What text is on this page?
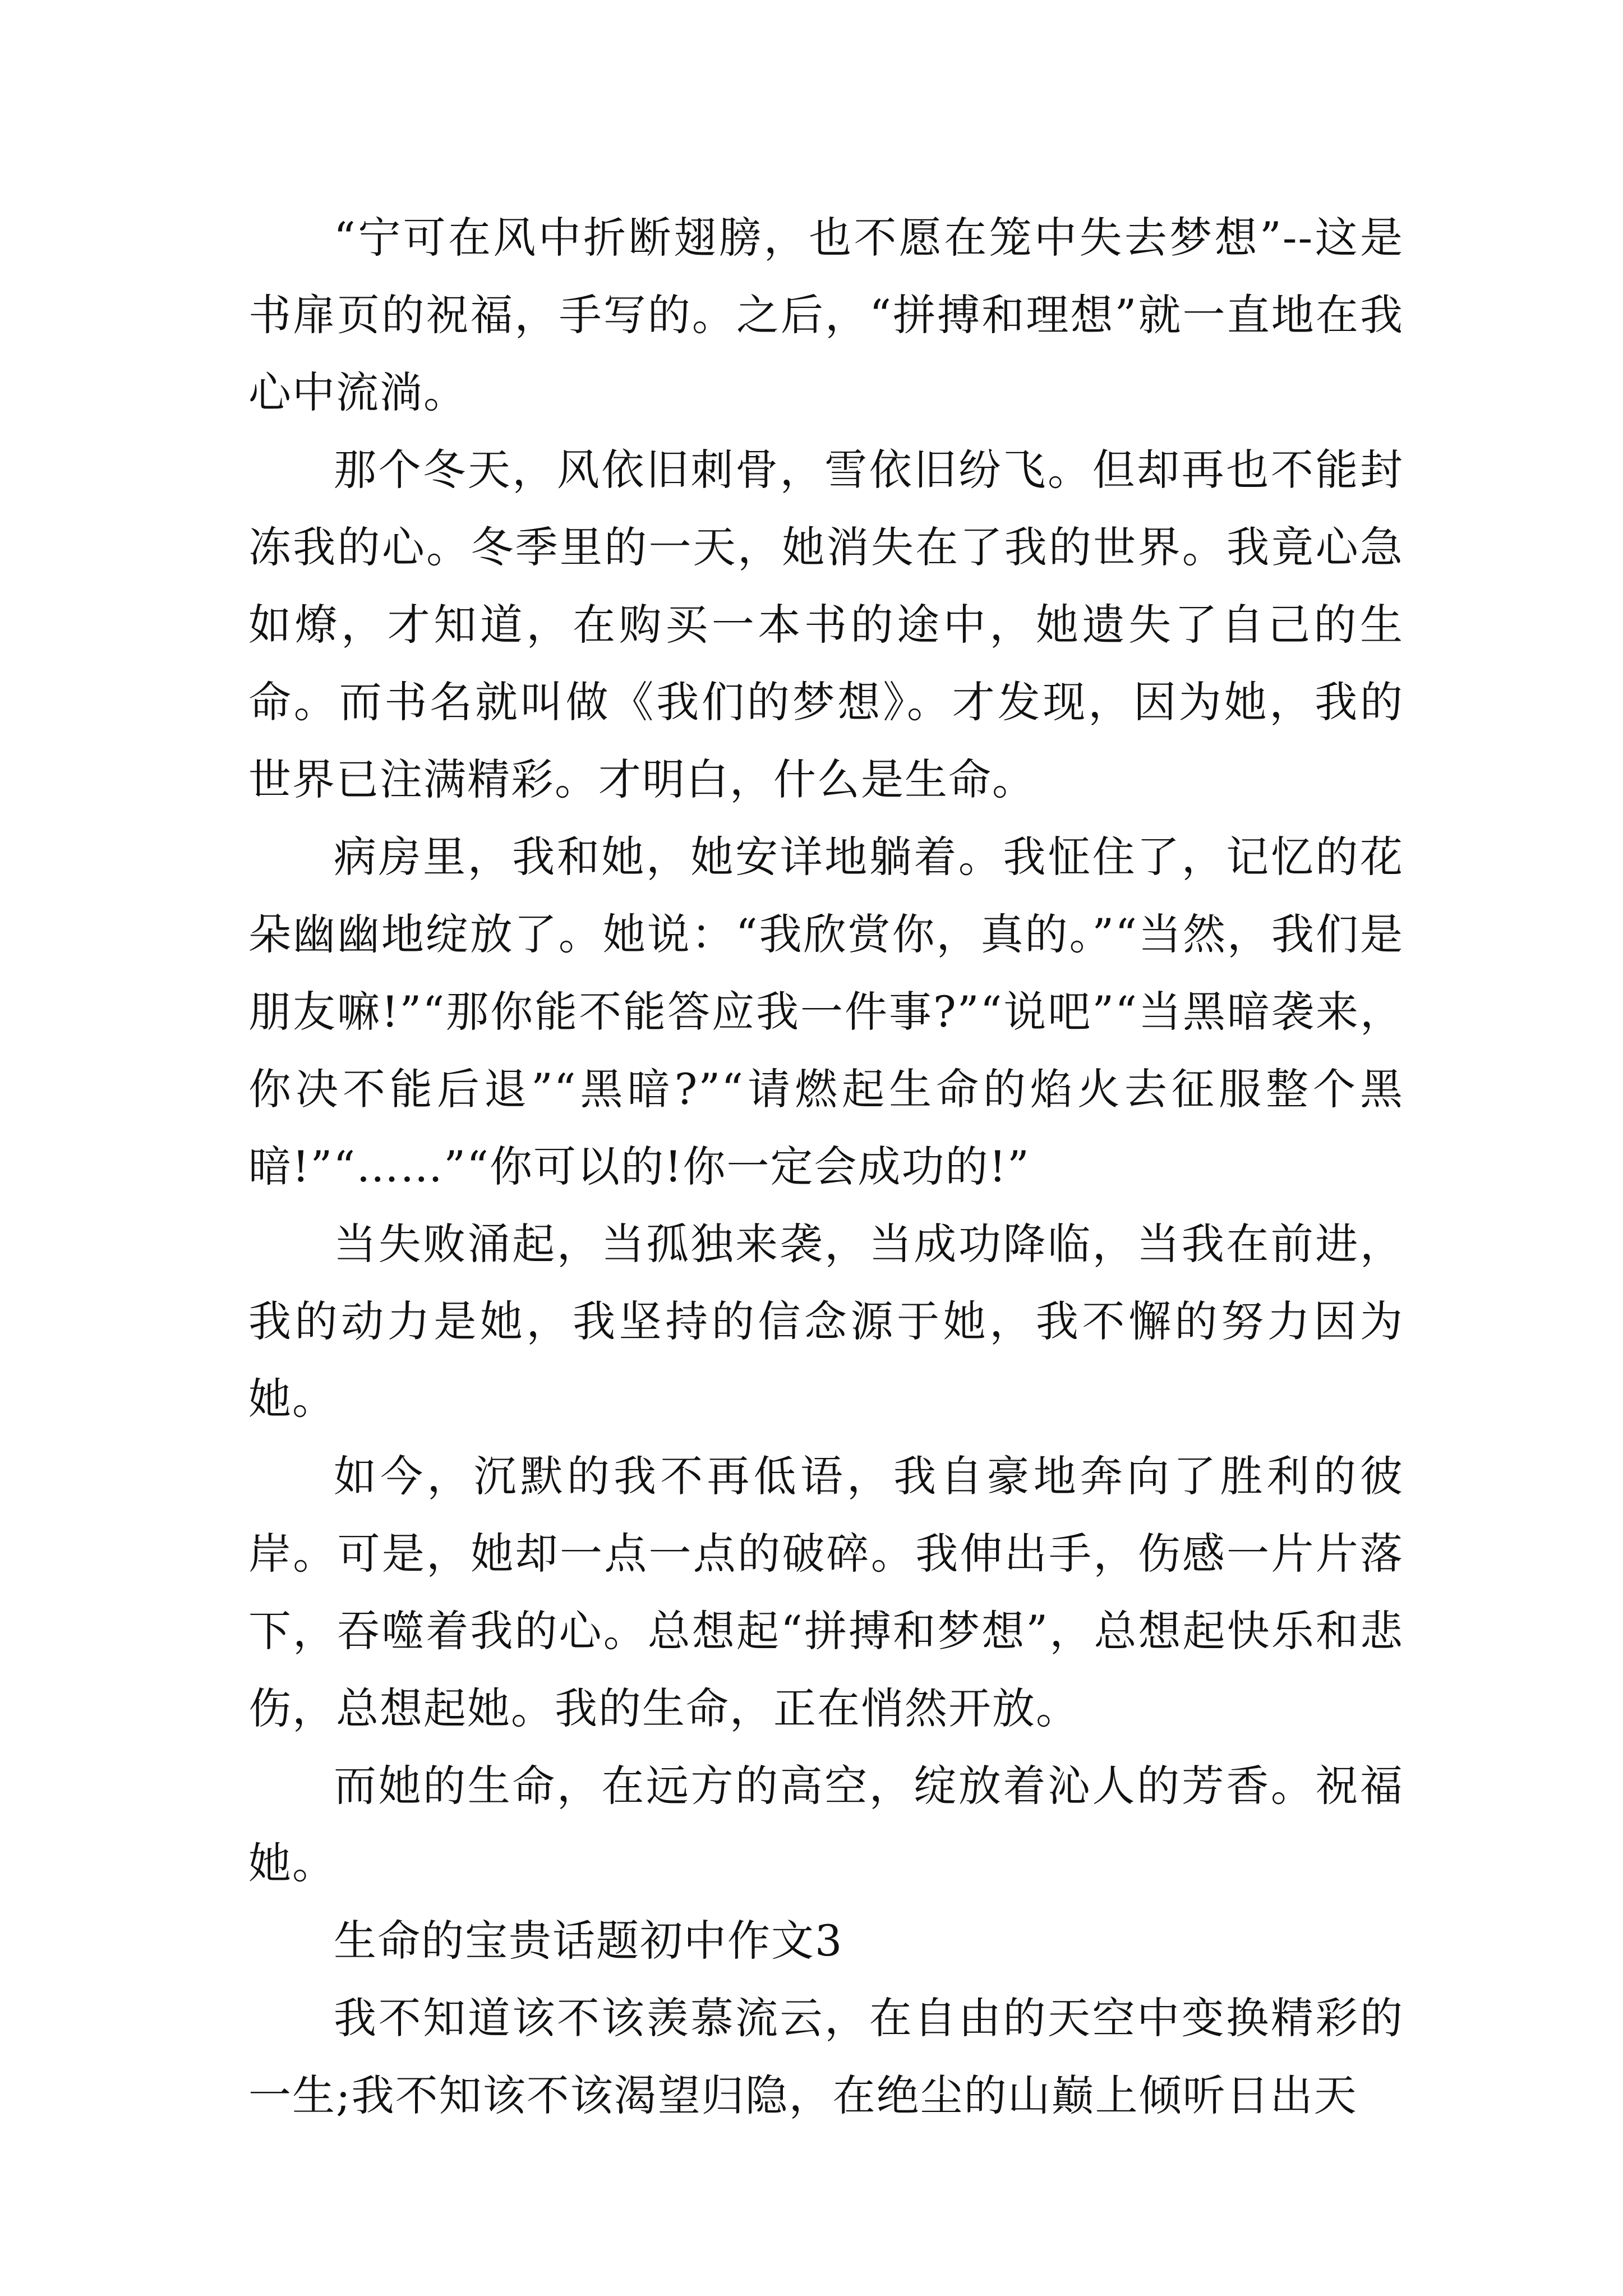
“宁可在风中折断翅膀，也不愿在笼中失去梦想”--这是书扉页的祝福，手写的。之后，“拼搏和理想”就一直地在我心中流淌。

那个冬天，风依旧刺骨，雪依旧纷飞。但却再也不能封冻我的心。冬季里的一天，她消失在了我的世界。我竟心急如燎，才知道，在购买一本书的途中，她遗失了自己的生命。而书名就叫做《我们的梦想》。才发现，因为她，我的世界已注满精彩。才明白，什么是生命。

病房里，我和她，她安详地躺着。我怔住了，记忆的花朵幽幽地绽放了。她说：“我欣赏你，真的。”“当然，我们是朋友嘛!”“那你能不能答应我一件事?”“说吧”“当黑暗袭来，你决不能后退”“黑暗?”“请燃起生命的焰火去征服整个黑暗!”“……”“你可以的!你一定会成功的!”

当失败涌起，当孤独来袭，当成功降临，当我在前进，我的动力是她，我坚持的信念源于她，我不懈的努力因为她。

如今，沉默的我不再低语，我自豪地奔向了胜利的彼岸。可是，她却一点一点的破碎。我伸出手，伤感一片片落下，吞噬着我的心。总想起“拼搏和梦想”，总想起快乐和悲伤，总想起她。我的生命，正在悄然开放。

而她的生命，在远方的高空，绽放着沁人的芳香。祝福她。

生命的宝贵话题初中作文3

我不知道该不该羡慕流云，在自由的天空中变换精彩的一生;我不知该不该渴望归隐，在绝尘的山巅上倾听日出天
